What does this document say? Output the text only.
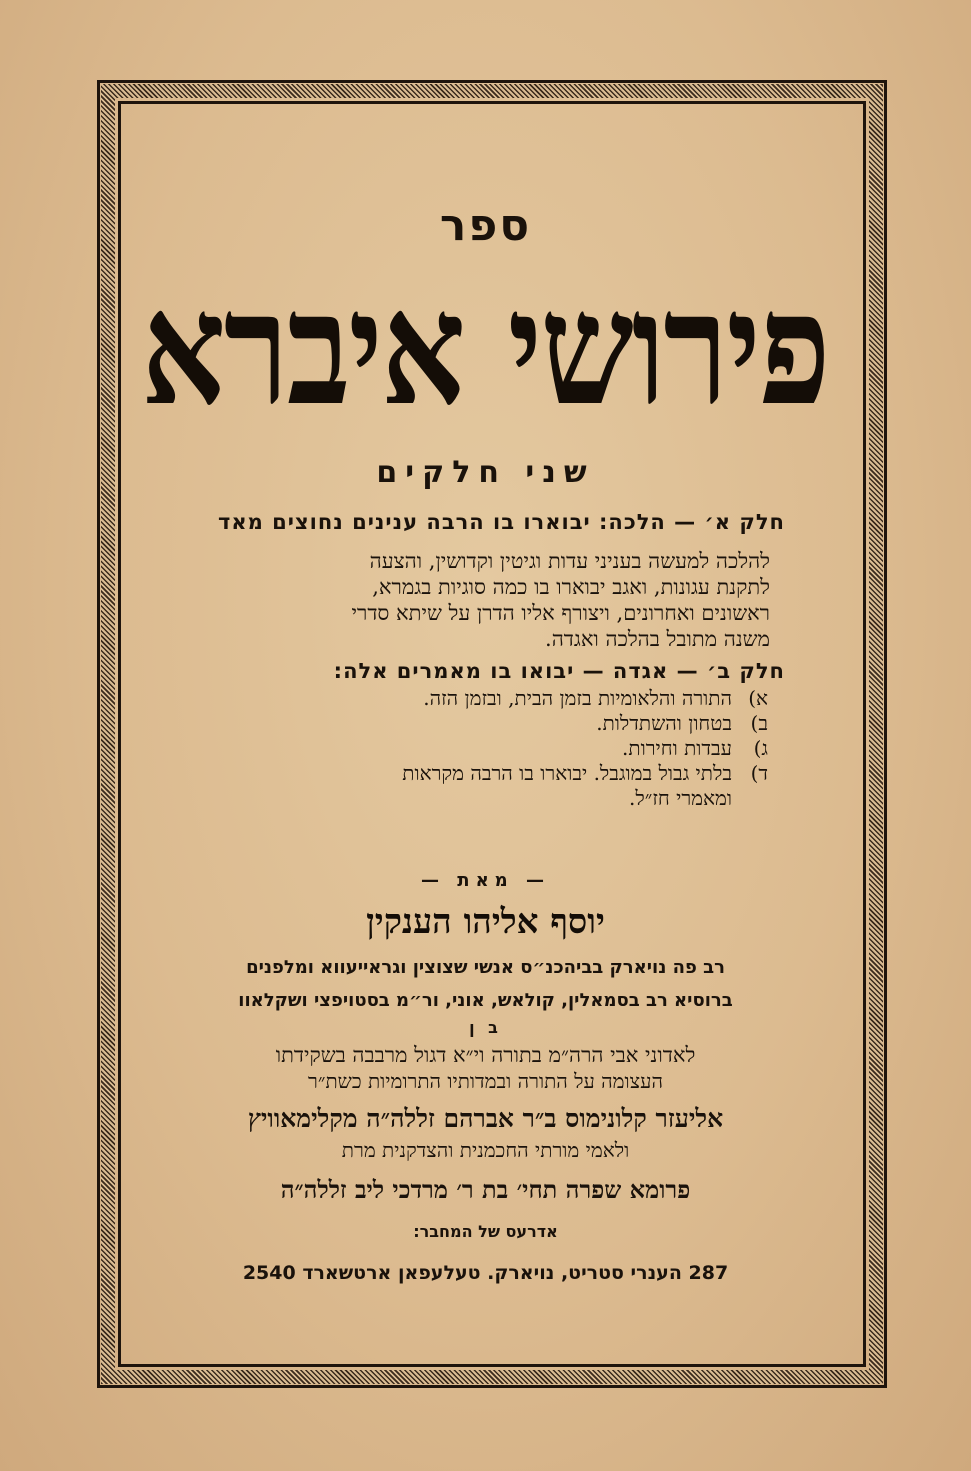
ספר
פירושי איברא
שני חלקים
חלק א׳ — הלכה: יבוארו בו הרבה ענינים נחוצים מאד
להלכה למעשה בעניני עדות וגיטין וקדושין, והצעה
לתקנת עגונות, ואגב יבוארו בו כמה סוגיות בגמרא,
ראשונים ואחרונים, ויצורף אליו הדרן על שיתא סדרי
משנה מתובל בהלכה ואגדה.
חלק ב׳ — אגדה — יבואו בו מאמרים אלה:
א)
התורה והלאומיות בזמן הבית, ובזמן הזה.
ב)
בטחון והשתדלות.
ג)
עבדות וחירות.
ד)
בלתי גבול במוגבל. יבוארו בו הרבה מקראות
ומאמרי חז״ל.
— מאת —
יוסף אליהו הענקין
רב פה נויארק בביהכנ״ס אנשי שצוצין וגראייעווא ומלפנים
ברוסיא רב בסמאלין, קולאש, אוני, ור״מ בסטויפצי ושקלאוו
ב ן
לאדוני אבי הרה״מ בתורה וי״א דגול מרבבה בשקידתו
העצומה על התורה ובמדותיו התרומיות כשת״ר
אליעזר קלונימוס ב״ר אברהם זללה״ה מקלימאוויץ
ולאמי מורתי החכמנית והצדקנית מרת
פרומא שפרה תחי׳ בת ר׳ מרדכי ליב זללה״ה
אדרעס של המחבר:
287 הענרי סטריט, נויארק. טעלעפאן ארטשארד 2540
